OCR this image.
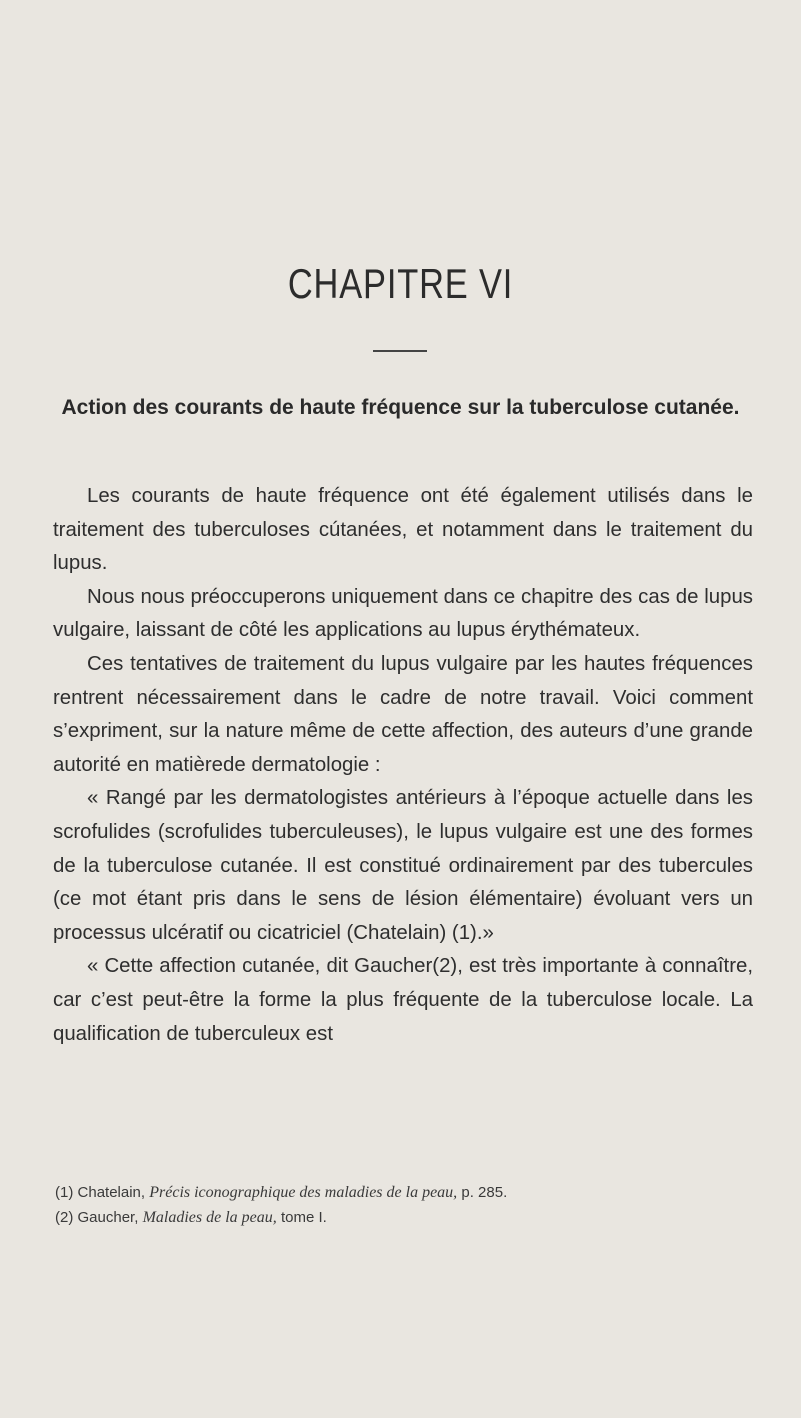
CHAPITRE VI
Action des courants de haute fréquence sur la tuberculose cutanée.

Les courants de haute fréquence ont été également utilisés dans le traitement des tuberculoses cútanées, et notamment dans le traitement du lupus.

Nous nous préoccuperons uniquement dans ce chapitre des cas de lupus vulgaire, laissant de côté les applications au lupus érythémateux.

Ces tentatives de traitement du lupus vulgaire par les hautes fréquences rentrent nécessairement dans le cadre de notre travail. Voici comment s’expriment, sur la nature même de cette affection, des auteurs d’une grande autorité en matièrede dermatologie :

« Rangé par les dermatologistes antérieurs à l’époque actuelle dans les scrofulides (scrofulides tuberculeuses), le lupus vulgaire est une des formes de la tuberculose cutanée. Il est constitué ordinairement par des tubercules (ce mot étant pris dans le sens de lésion élémentaire) évoluant vers un processus ulcératif ou cicatriciel (Chatelain) (1).»

« Cette affection cutanée, dit Gaucher(2), est très importante à connaître, car c’est peut-être la forme la plus fréquente de la tuberculose locale. La qualification de tuberculeux est

(1) Chatelain, Précis iconographique des maladies de la peau, p. 285.
(2) Gaucher, Maladies de la peau, tome I.
